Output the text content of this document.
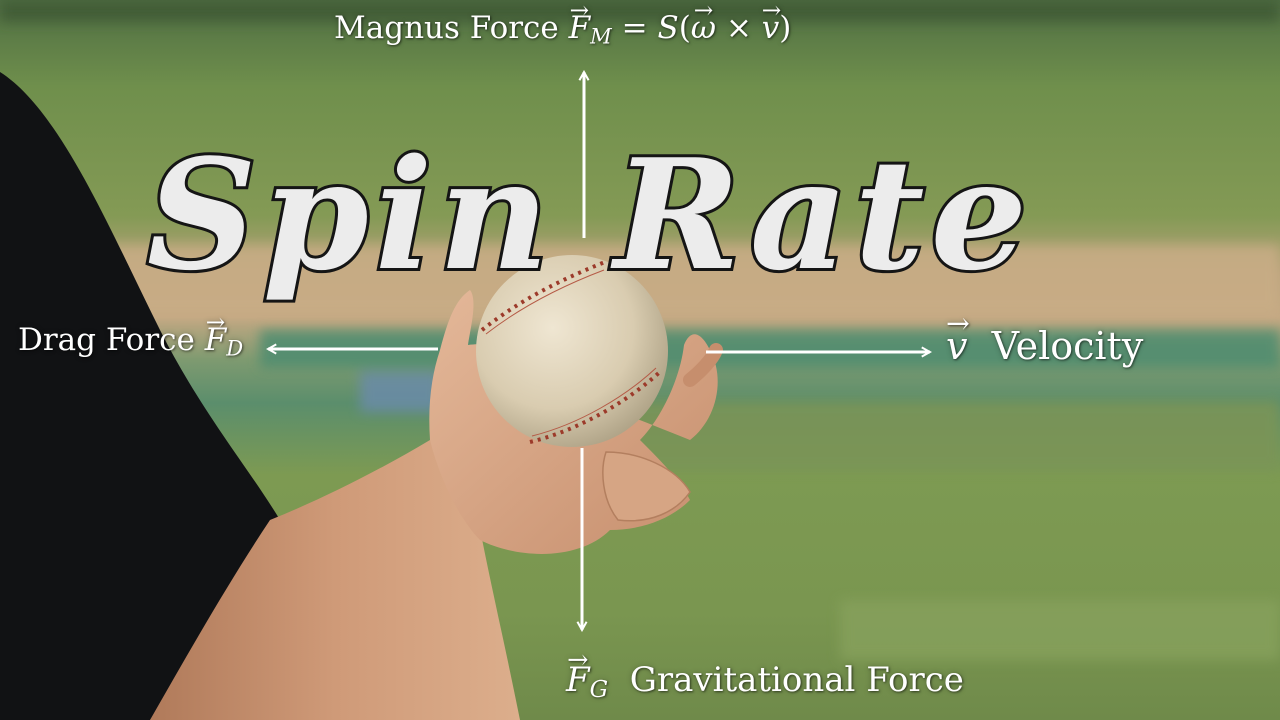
Spin Rate
Magnus Force → $F_M = S(\to \omega$ × → v)
Drag Force → $F_D$	→ v Velocity
→ $F_G$ Gravitational Force
